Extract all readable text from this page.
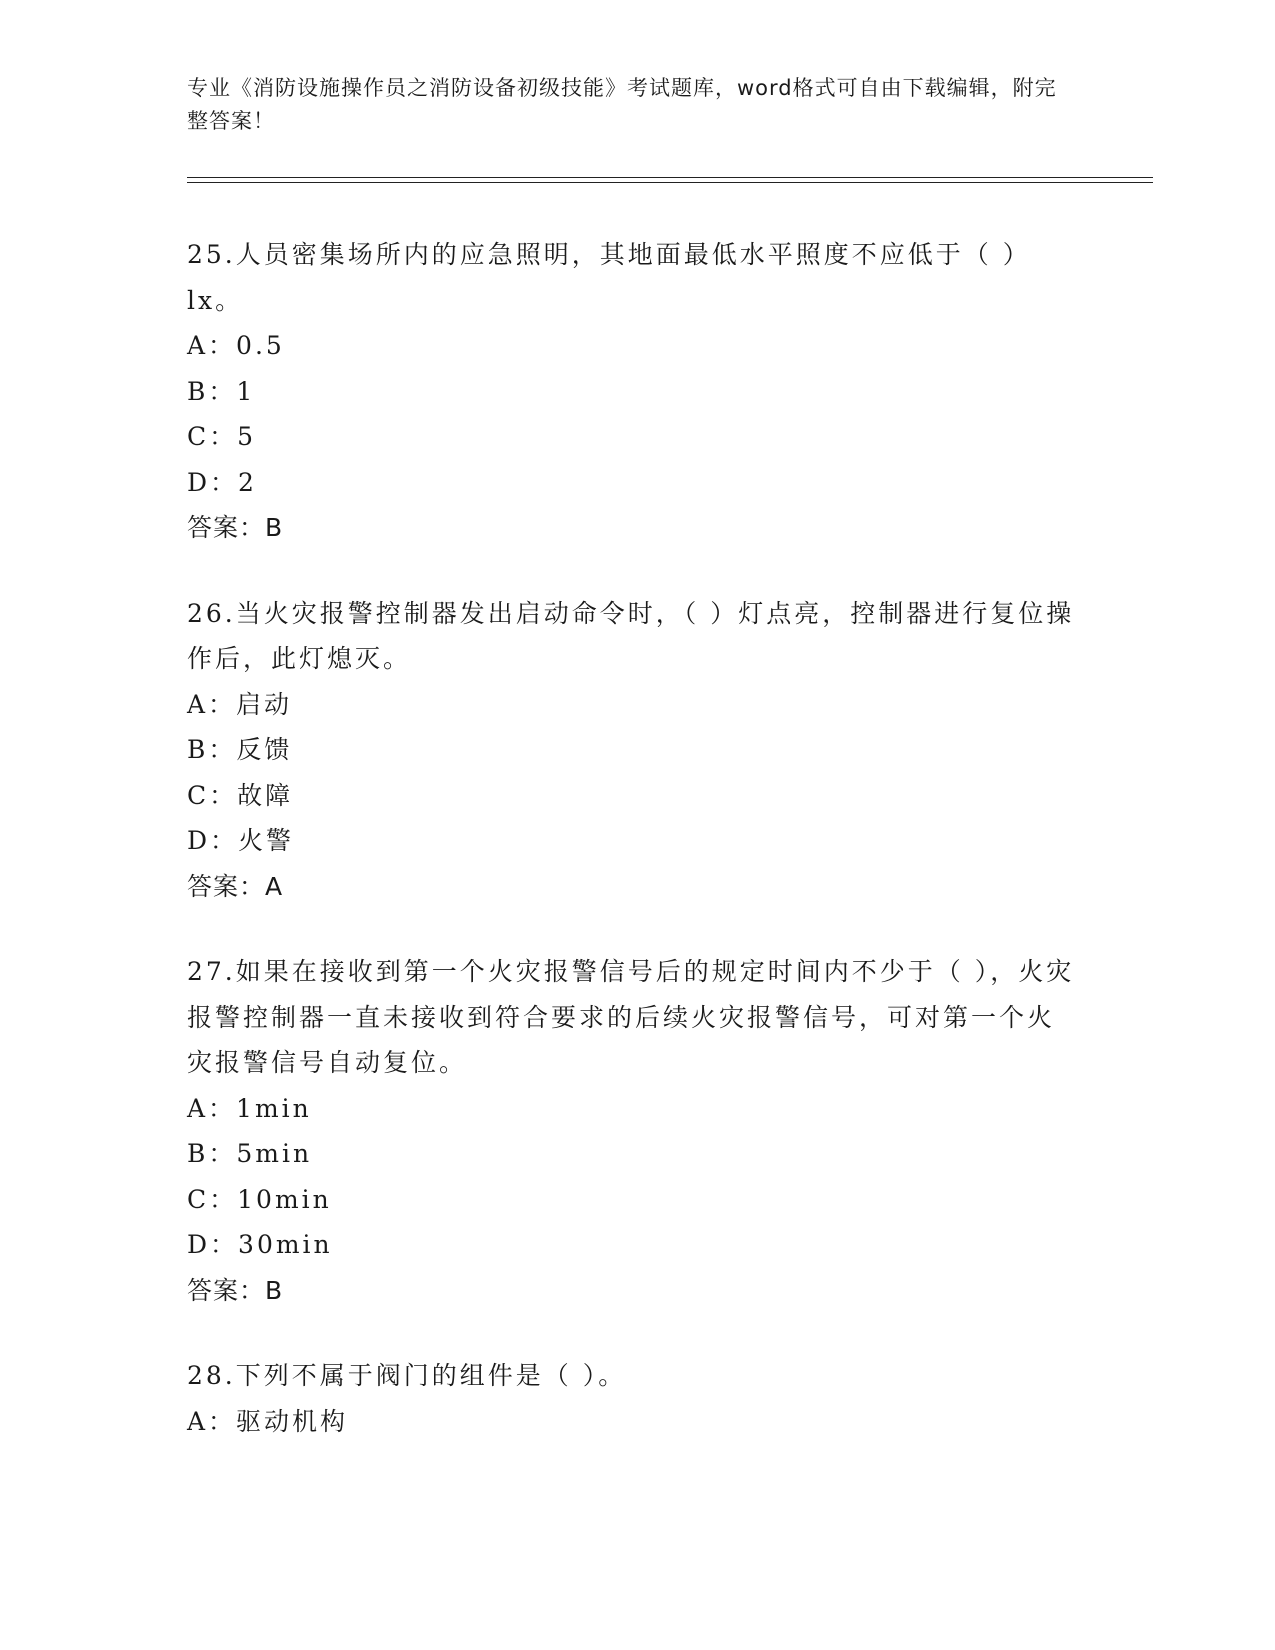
专业《消防设施操作员之消防设备初级技能》考试题库，word格式可自由下载编辑，附完整答案！

25.人员密集场所内的应急照明，其地面最低水平照度不应低于（ ）lx。

A：0.5

B：1

C：5

D：2

答案：B

26.当火灾报警控制器发出启动命令时，（ ）灯点亮，控制器进行复位操作后，此灯熄灭。

A：启动

B：反馈

C：故障

D：火警

答案：A

27.如果在接收到第一个火灾报警信号后的规定时间内不少于（ ），火灾报警控制器一直未接收到符合要求的后续火灾报警信号，可对第一个火灾报警信号自动复位。

A：1min

B：5min

C：10min

D：30min

答案：B

28.下列不属于阀门的组件是（ ）。

A：驱动机构
